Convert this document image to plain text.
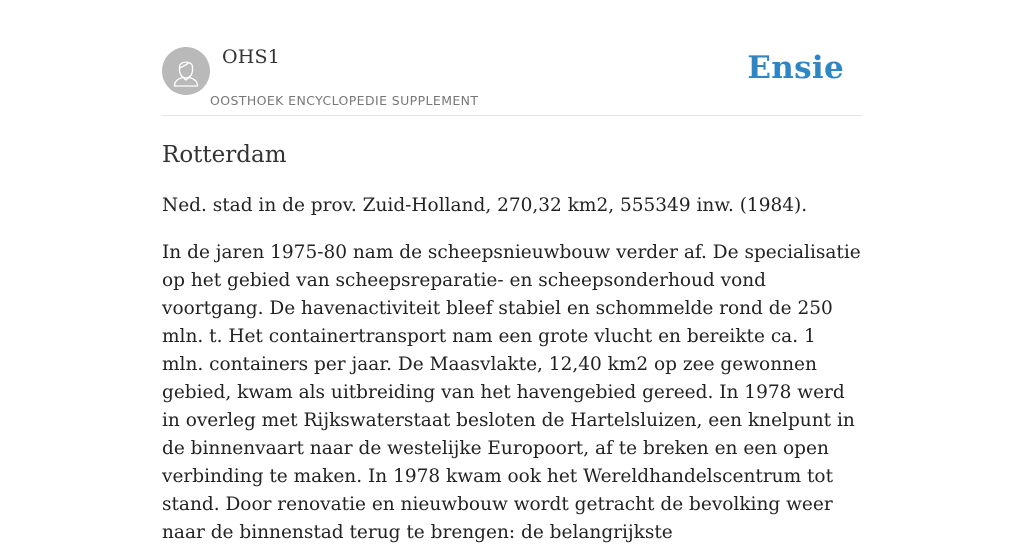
OHS1
OOSTHOEK ENCYCLOPEDIE SUPPLEMENT
Ensie
Rotterdam

Ned. stad in de prov. Zuid-Holland, 270,32 km2, 555349 inw. (1984).

In de jaren 1975-80 nam de scheepsnieuwbouw verder af. De specialisatie op het gebied van scheepsreparatie- en scheepsonderhoud vond voortgang. De havenactiviteit bleef stabiel en schommelde rond de 250 mln. t. Het containertransport nam een grote vlucht en bereikte ca. 1 mln. containers per jaar. De Maasvlakte, 12,40 km2 op zee gewonnen gebied, kwam als uitbreiding van het havengebied gereed. In 1978 werd in overleg met Rijkswaterstaat besloten de Hartelsluizen, een knelpunt in de binnenvaart naar de westelijke Europoort, af te breken en een open verbinding te maken. In 1978 kwam ook het Wereldhandelscentrum tot stand. Door renovatie en nieuwbouw wordt getracht de bevolking weer naar de binnenstad terug te brengen: de belangrijkste
